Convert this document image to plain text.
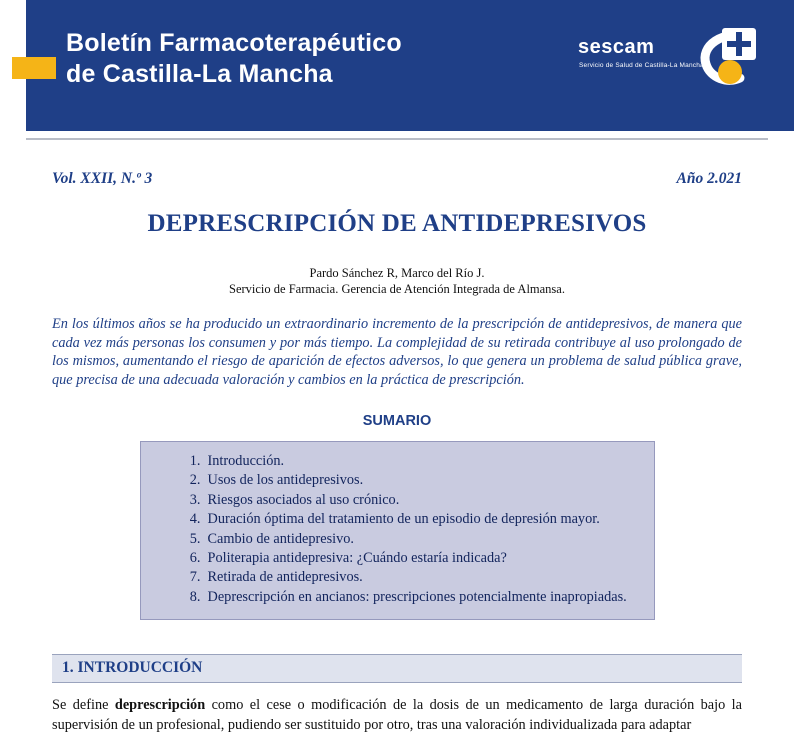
Boletín Farmacoterapéutico
de Castilla-La Mancha
sescam
Servicio de Salud de Castilla-La Mancha
Vol. XXII, N.º 3	Año 2.021
DEPRESCRIPCIÓN DE ANTIDEPRESIVOS
Pardo Sánchez R, Marco del Río J.
Servicio de Farmacia. Gerencia de Atención Integrada de Almansa.
En los últimos años se ha producido un extraordinario incremento de la prescripción de antidepresivos, de manera que cada vez más personas los consumen y por más tiempo. La complejidad de su retirada contribuye al uso prolongado de los mismos, aumentando el riesgo de aparición de efectos adversos, lo que genera un problema de salud pública grave, que precisa de una adecuada valoración y cambios en la práctica de prescripción.
SUMARIO
Introducción.
Usos de los antidepresivos.
Riesgos asociados al uso crónico.
Duración óptima del tratamiento de un episodio de depresión mayor.
Cambio de antidepresivo.
Politerapia antidepresiva: ¿Cuándo estaría indicada?
Retirada de antidepresivos.
Deprescripción en ancianos: prescripciones potencialmente inapropiadas.
1. INTRODUCCIÓN

Se define deprescripción como el cese o modificación de la dosis de un medicamento de larga duración bajo la supervisión de un profesional, pudiendo ser sustituido por otro, tras una valoración individualizada para adaptar
